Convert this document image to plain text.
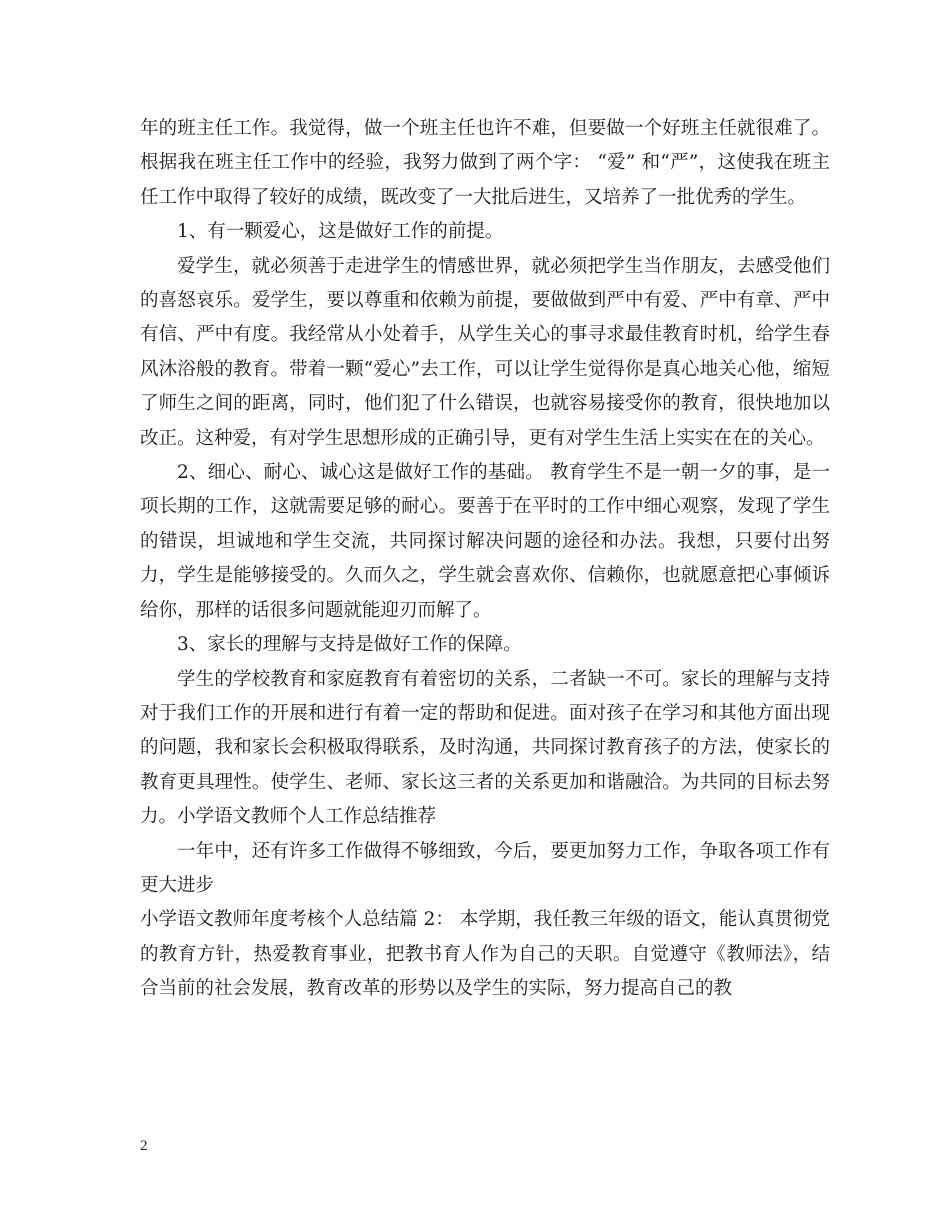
年的班主任工作。我觉得，做一个班主任也许不难，但要做一个好班主任就很难了。根据我在班主任工作中的经验，我努力做到了两个字： “爱” 和“严”，这使我在班主任工作中取得了较好的成绩，既改变了一大批后进生，又培养了一批优秀的学生。

1、有一颗爱心，这是做好工作的前提。

爱学生，就必须善于走进学生的情感世界，就必须把学生当作朋友，去感受他们的喜怒哀乐。爱学生，要以尊重和依赖为前提，要做做到严中有爱、严中有章、严中有信、严中有度。我经常从小处着手，从学生关心的事寻求最佳教育时机，给学生春风沐浴般的教育。带着一颗“爱心”去工作，可以让学生觉得你是真心地关心他，缩短了师生之间的距离，同时，他们犯了什么错误，也就容易接受你的教育，很快地加以改正。这种爱，有对学生思想形成的正确引导，更有对学生生活上实实在在的关心。

2、细心、耐心、诚心这是做好工作的基础。 教育学生不是一朝一夕的事，是一项长期的工作，这就需要足够的耐心。要善于在平时的工作中细心观察，发现了学生的错误，坦诚地和学生交流，共同探讨解决问题的途径和办法。我想，只要付出努力，学生是能够接受的。久而久之，学生就会喜欢你、信赖你，也就愿意把心事倾诉给你，那样的话很多问题就能迎刃而解了。

3、家长的理解与支持是做好工作的保障。

学生的学校教育和家庭教育有着密切的关系，二者缺一不可。家长的理解与支持对于我们工作的开展和进行有着一定的帮助和促进。面对孩子在学习和其他方面出现的问题，我和家长会积极取得联系，及时沟通，共同探讨教育孩子的方法，使家长的教育更具理性。使学生、老师、家长这三者的关系更加和谐融洽。为共同的目标去努力。小学语文教师个人工作总结推荐

一年中，还有许多工作做得不够细致，今后，要更加努力工作，争取各项工作有更大进步

小学语文教师年度考核个人总结篇 2： 本学期，我任教三年级的语文，能认真贯彻党的教育方针，热爱教育事业，把教书育人作为自己的天职。自觉遵守《教师法》，结合当前的社会发展，教育改革的形势以及学生的实际，努力提高自己的教

2
